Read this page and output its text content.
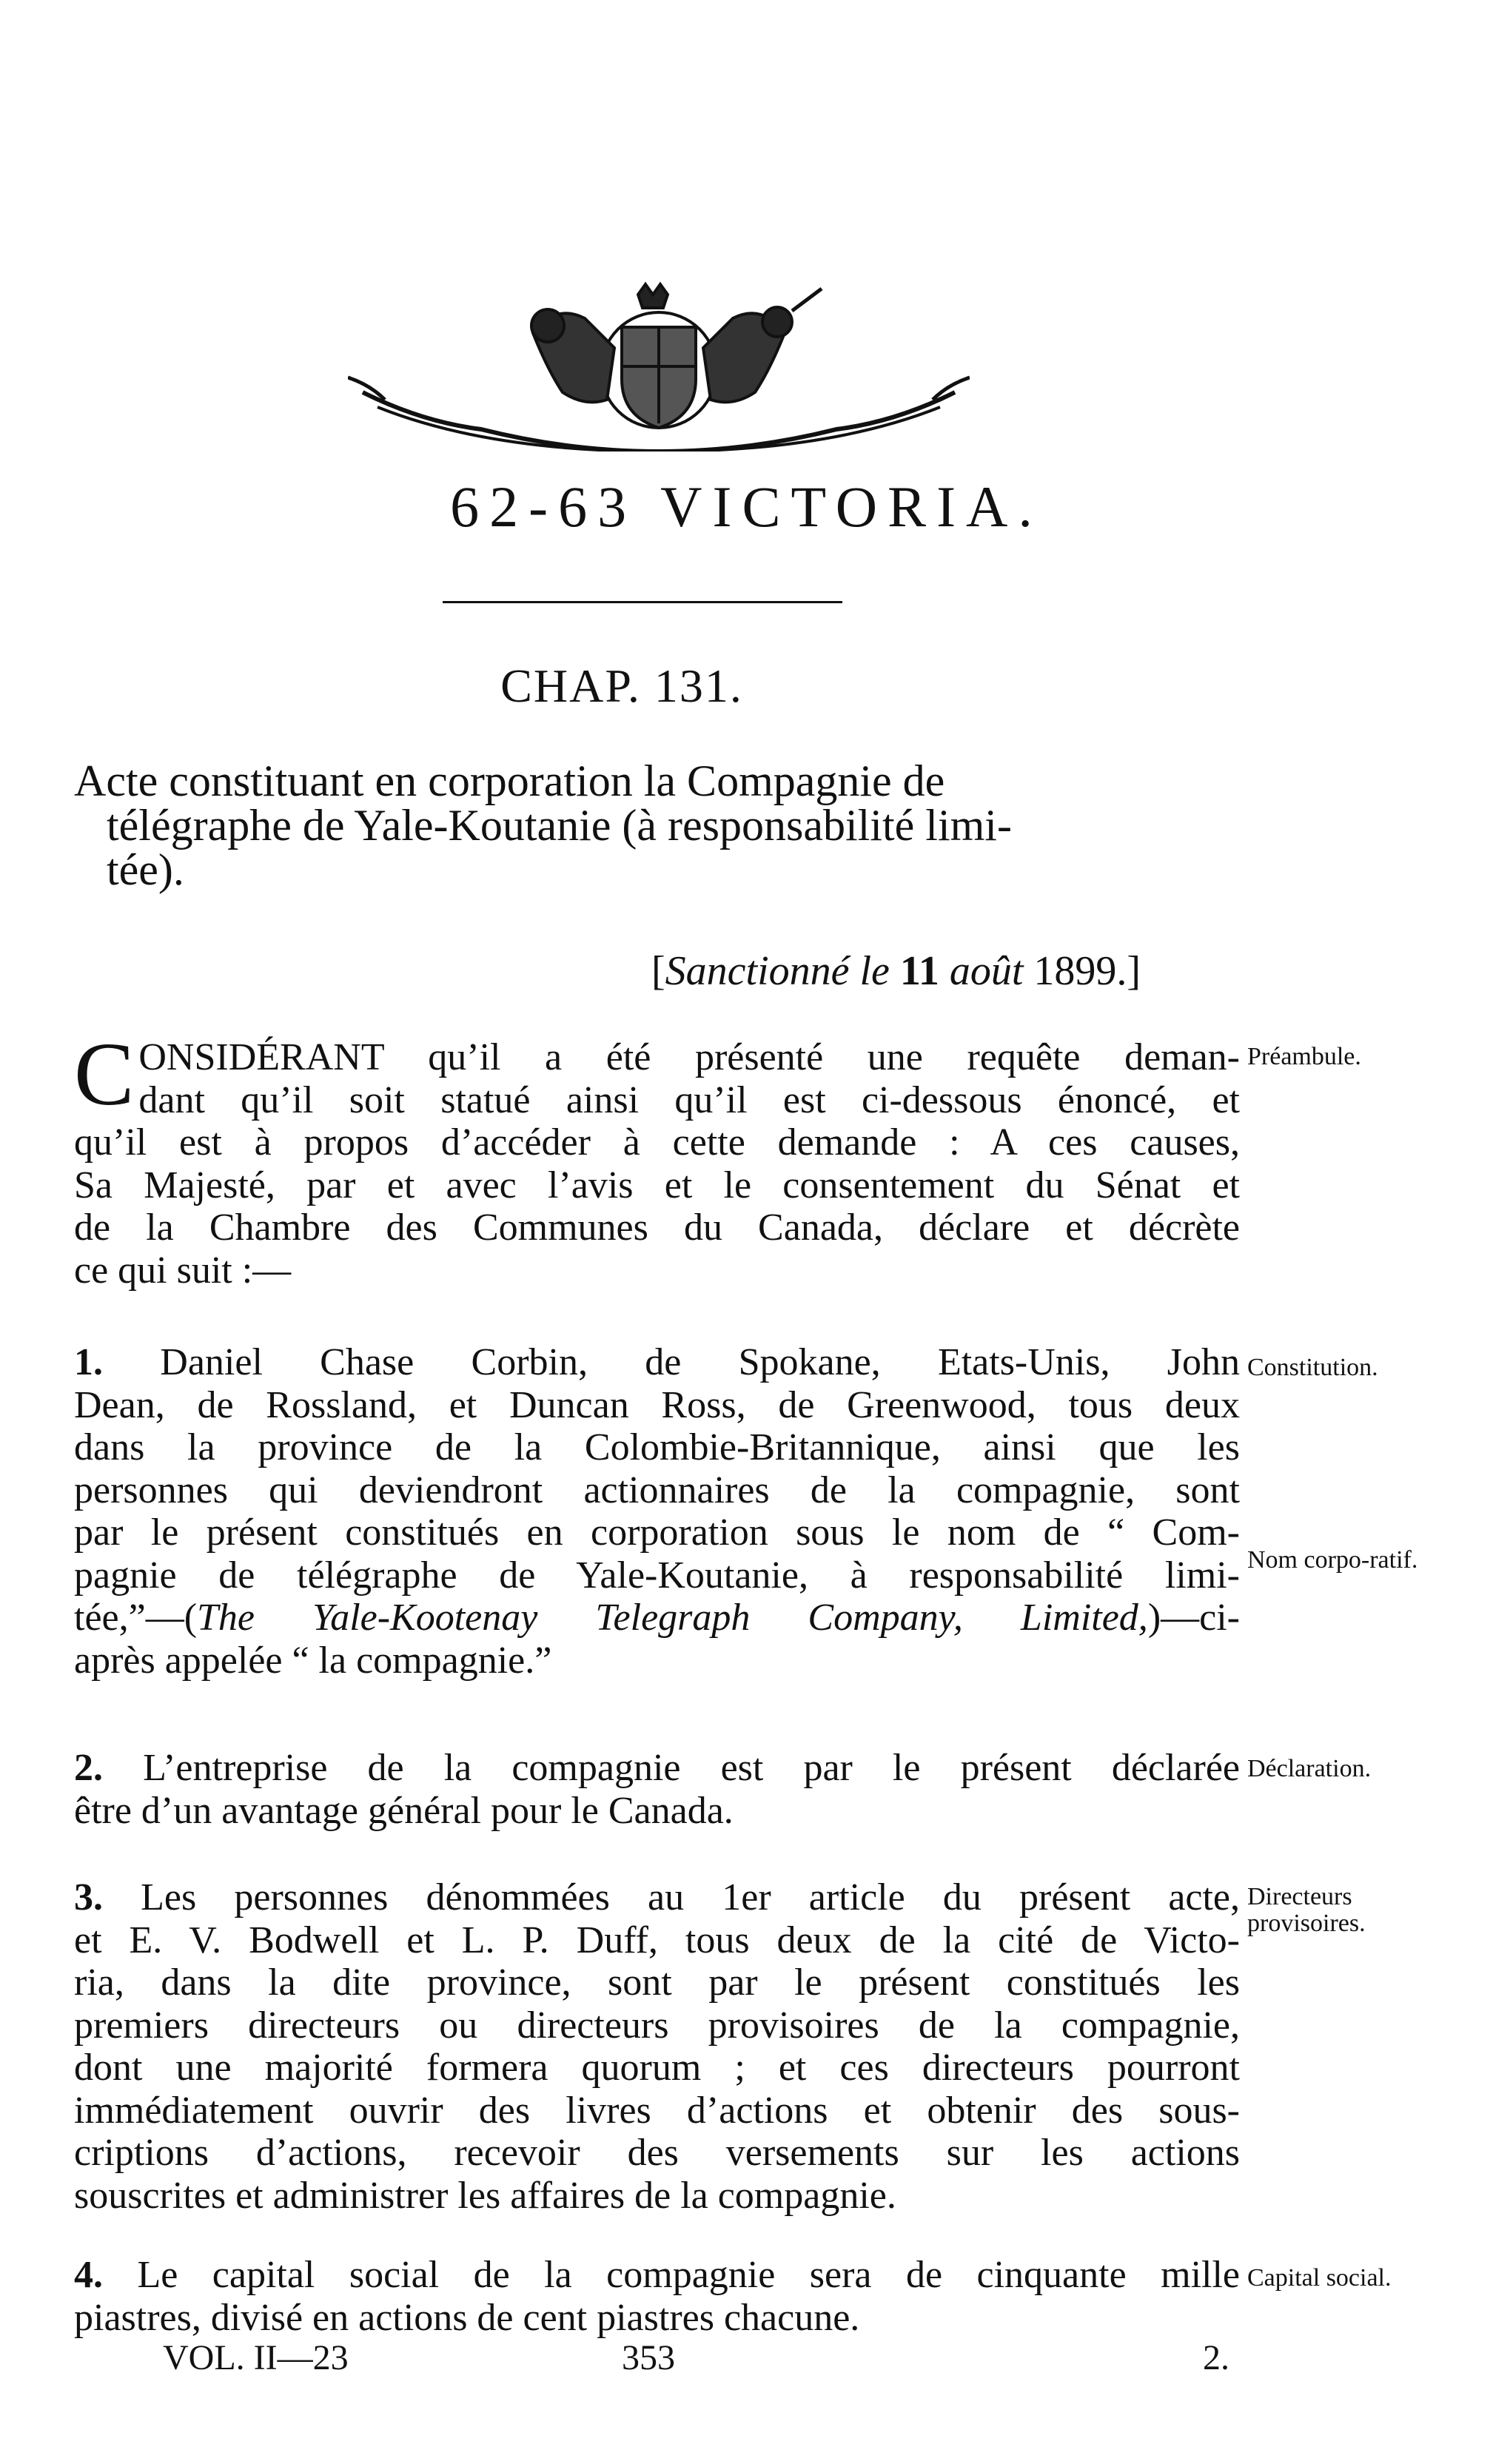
62-63 VICTORIA.
CHAP. 131.
Acte constituant en corporation la Compagnie de
télégraphe de Yale-Koutanie (à responsabilité limi-
tée).
[Sanctionné le 11 août 1899.]
C ONSIDÉRANT qu’il a été présenté une requête deman-
dant qu’il soit statué ainsi qu’il est ci-dessous énoncé, et
qu’il est à propos d’accéder à cette demande : A ces causes,
Sa Majesté, par et avec l’avis et le consentement du Sénat et
de la Chambre des Communes du Canada, déclare et décrète
ce qui suit :—
Préambule.
1. Daniel Chase Corbin, de Spokane, Etats-Unis, John
Dean, de Rossland, et Duncan Ross, de Greenwood, tous deux
dans la province de la Colombie-Britannique, ainsi que les
personnes qui deviendront actionnaires de la compagnie, sont
par le présent constitués en corporation sous le nom de “ Com-
pagnie de télégraphe de Yale-Koutanie, à responsabilité limi-
tée,”—(The Yale-Kootenay Telegraph Company, Limited,)—ci-
après appelée “ la compagnie.”
Constitution.
Nom corpo-ratif.
2. L’entreprise de la compagnie est par le présent déclarée
être d’un avantage général pour le Canada.
Déclaration.
3. Les personnes dénommées au 1er article du présent acte,
et E. V. Bodwell et L. P. Duff, tous deux de la cité de Victo-
ria, dans la dite province, sont par le présent constitués les
premiers directeurs ou directeurs provisoires de la compagnie,
dont une majorité formera quorum ; et ces directeurs pourront
immédiatement ouvrir des livres d’actions et obtenir des sous-
criptions d’actions, recevoir des versements sur les actions
souscrites et administrer les affaires de la compagnie.
Directeurs provisoires.
4. Le capital social de la compagnie sera de cinquante mille
piastres, divisé en actions de cent piastres chacune.
Capital social.
VOL. II—23	353	2.
